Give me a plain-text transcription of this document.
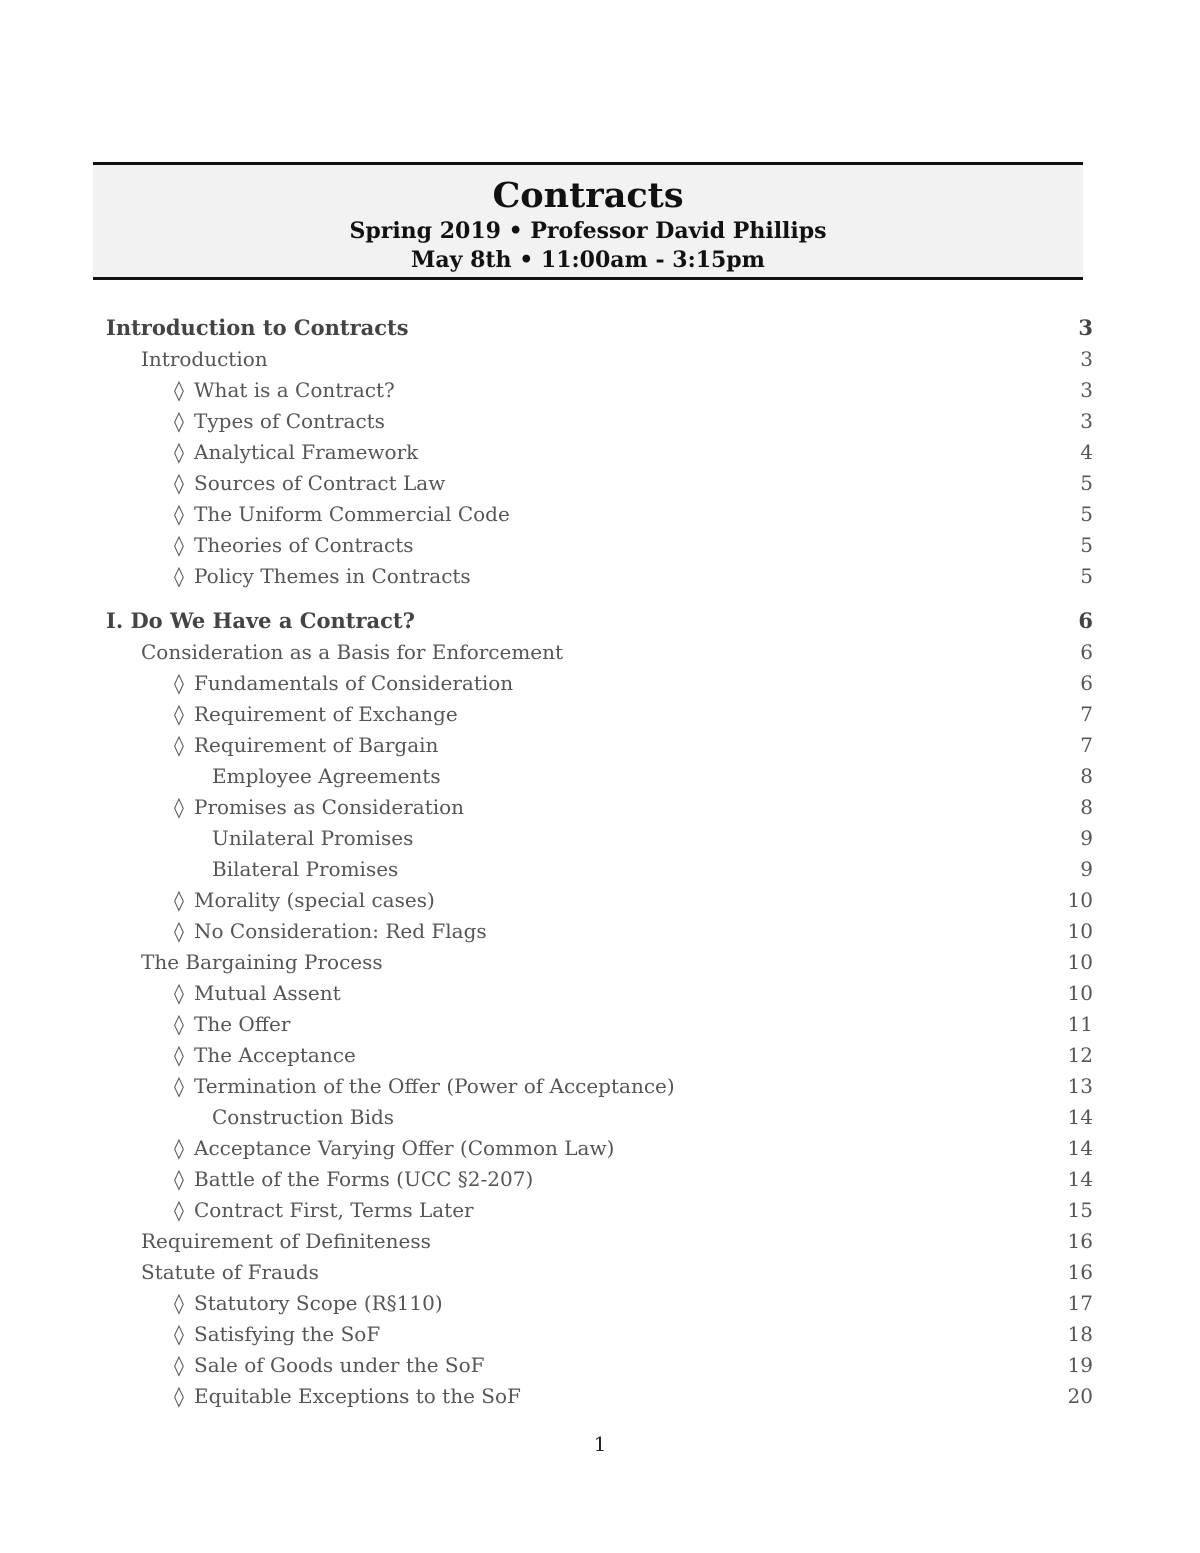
Contracts
Spring 2019 • Professor David Phillips
May 8th • 11:00am - 3:15pm
Introduction to Contracts	3
Introduction	3
◊ What is a Contract?	3
◊ Types of Contracts	3
◊ Analytical Framework	4
◊ Sources of Contract Law	5
◊ The Uniform Commercial Code	5
◊ Theories of Contracts	5
◊ Policy Themes in Contracts	5
I. Do We Have a Contract?	6
Consideration as a Basis for Enforcement	6
◊ Fundamentals of Consideration	6
◊ Requirement of Exchange	7
◊ Requirement of Bargain	7
Employee Agreements	8
◊ Promises as Consideration	8
Unilateral Promises	9
Bilateral Promises	9
◊ Morality (special cases)	10
◊ No Consideration: Red Flags	10
The Bargaining Process	10
◊ Mutual Assent	10
◊ The Offer	11
◊ The Acceptance	12
◊ Termination of the Offer (Power of Acceptance)	13
Construction Bids	14
◊ Acceptance Varying Offer (Common Law)	14
◊ Battle of the Forms (UCC §2-207)	14
◊ Contract First, Terms Later	15
Requirement of Definiteness	16
Statute of Frauds	16
◊ Statutory Scope (R§110)	17
◊ Satisfying the SoF	18
◊ Sale of Goods under the SoF	19
◊ Equitable Exceptions to the SoF	20
1
